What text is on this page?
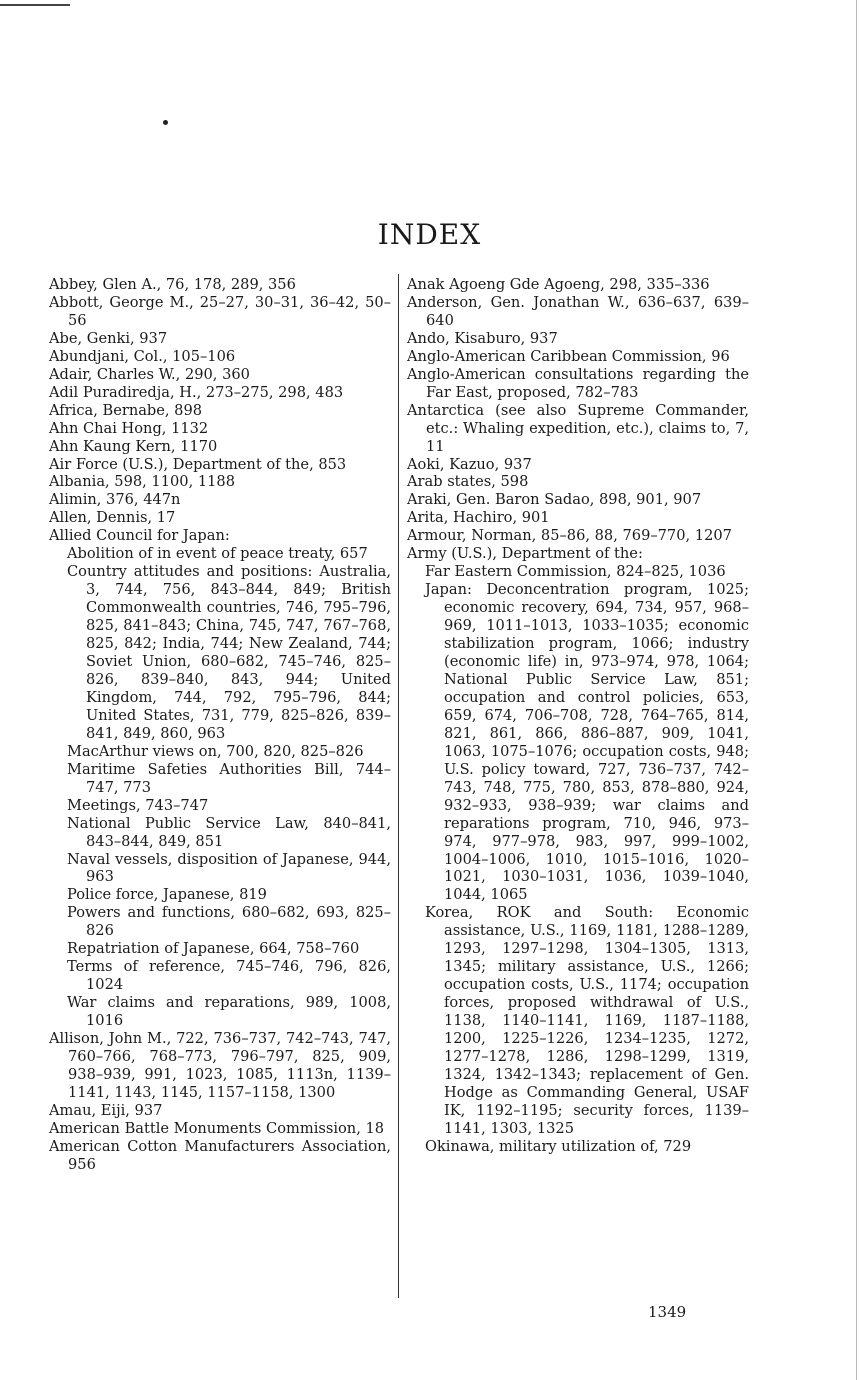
INDEX
Abbey, Glen A., 76, 178, 289, 356
Abbott, George M., 25–27, 30–31, 36–42, 50–56
Abe, Genki, 937
Abundjani, Col., 105–106
Adair, Charles W., 290, 360
Adil Puradiredja, H., 273–275, 298, 483
Africa, Bernabe, 898
Ahn Chai Hong, 1132
Ahn Kaung Kern, 1170
Air Force (U.S.), Department of the, 853
Albania, 598, 1100, 1188
Alimin, 376, 447n
Allen, Dennis, 17
Allied Council for Japan:
Abolition of in event of peace treaty, 657
Country attitudes and positions: Australia, 3, 744, 756, 843–844, 849; British Commonwealth countries, 746, 795–796, 825, 841–843; China, 745, 747, 767–768, 825, 842; India, 744; New Zealand, 744; Soviet Union, 680–682, 745–746, 825–826, 839–840, 843, 944; United Kingdom, 744, 792, 795–796, 844; United States, 731, 779, 825–826, 839–841, 849, 860, 963
MacArthur views on, 700, 820, 825–826
Maritime Safeties Authorities Bill, 744–747, 773
Meetings, 743–747
National Public Service Law, 840–841, 843–844, 849, 851
Naval vessels, disposition of Japanese, 944, 963
Police force, Japanese, 819
Powers and functions, 680–682, 693, 825–826
Repatriation of Japanese, 664, 758–760
Terms of reference, 745–746, 796, 826, 1024
War claims and reparations, 989, 1008, 1016
Allison, John M., 722, 736–737, 742–743, 747, 760–766, 768–773, 796–797, 825, 909, 938–939, 991, 1023, 1085, 1113n, 1139–1141, 1143, 1145, 1157–1158, 1300
Amau, Eiji, 937
American Battle Monuments Commission, 18
American Cotton Manufacturers Association, 956
Anak Agoeng Gde Agoeng, 298, 335–336
Anderson, Gen. Jonathan W., 636–637, 639–640
Ando, Kisaburo, 937
Anglo-American Caribbean Commission, 96
Anglo-American consultations regarding the Far East, proposed, 782–783
Antarctica (see also Supreme Commander, etc.: Whaling expedition, etc.), claims to, 7, 11
Aoki, Kazuo, 937
Arab states, 598
Araki, Gen. Baron Sadao, 898, 901, 907
Arita, Hachiro, 901
Armour, Norman, 85–86, 88, 769–770, 1207
Army (U.S.), Department of the:
Far Eastern Commission, 824–825, 1036
Japan: Deconcentration program, 1025; economic recovery, 694, 734, 957, 968–969, 1011–1013, 1033–1035; economic stabilization program, 1066; industry (economic life) in, 973–974, 978, 1064; National Public Service Law, 851; occupation and control policies, 653, 659, 674, 706–708, 728, 764–765, 814, 821, 861, 866, 886–887, 909, 1041, 1063, 1075–1076; occupation costs, 948; U.S. policy toward, 727, 736–737, 742–743, 748, 775, 780, 853, 878–880, 924, 932–933, 938–939; war claims and reparations program, 710, 946, 973–974, 977–978, 983, 997, 999–1002, 1004–1006, 1010, 1015–1016, 1020–1021, 1030–1031, 1036, 1039–1040, 1044, 1065
Korea, ROK and South: Economic assistance, U.S., 1169, 1181, 1288–1289, 1293, 1297–1298, 1304–1305, 1313, 1345; military assistance, U.S., 1266; occupation costs, U.S., 1174; occupation forces, proposed withdrawal of U.S., 1138, 1140–1141, 1169, 1187–1188, 1200, 1225–1226, 1234–1235, 1272, 1277–1278, 1286, 1298–1299, 1319, 1324, 1342–1343; replacement of Gen. Hodge as Commanding General, USAF IK, 1192–1195; security forces, 1139–1141, 1303, 1325
Okinawa, military utilization of, 729
1349
